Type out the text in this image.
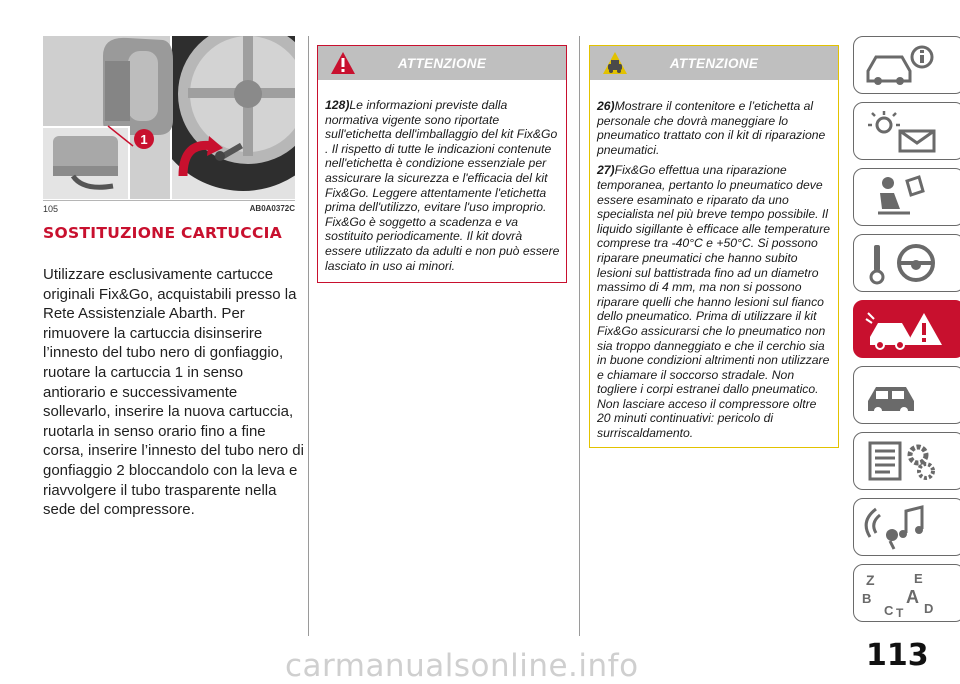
1
105	AB0A0372C
SOSTITUZIONE CARTUCCIA
Utilizzare esclusivamente cartucce originali Fix&Go, acquistabili presso la Rete Assistenziale Abarth. Per rimuovere la cartuccia disinserire l’innesto del tubo nero di gonfiaggio, ruotare la cartuccia 1 in senso antiorario e successivamente sollevarlo, inserire la nuova cartuccia, ruotarla in senso orario fino a fine corsa, inserire l’innesto del tubo nero di gonfiaggio 2 bloccandolo con la leva e riavvolgere il tubo trasparente nella sede del compressore.
ATTENZIONE

128)Le informazioni previste dalla normativa vigente sono riportate sull'etichetta dell'imballaggio del kit Fix&Go . Il rispetto di tutte le indicazioni contenute nell'etichetta è condizione essenziale per assicurare la sicurezza e l'efficacia del kit Fix&Go. Leggere attentamente l'etichetta prima dell'utilizzo, evitare l'uso improprio. Fix&Go è soggetto a scadenza e va sostituito periodicamente. Il kit dovrà essere utilizzato da adulti e non può essere lasciato in uso ai minori.

ATTENZIONE

26)Mostrare il contenitore e l’etichetta al personale che dovrà maneggiare lo pneumatico trattato con il kit di riparazione pneumatici.

27)Fix&Go effettua una riparazione temporanea, pertanto lo pneumatico deve essere esaminato e riparato da uno specialista nel più breve tempo possibile. Il liquido sigillante è efficace alle temperature comprese tra -40°C e +50°C. Si possono riparare pneumatici che hanno subito lesioni sul battistrada fino ad un diametro massimo di 4 mm, ma non si possono riparare quelli che hanno lesioni sul fianco dello pneumatico. Prima di utilizzare il kit Fix&Go assicurarsi che lo pneumatico non sia troppo danneggiato e che il cerchio sia in buone condizioni altrimenti non utilizzare e chiamare il soccorso stradale. Non togliere i corpi estranei dallo pneumatico. Non lasciare acceso il compressore oltre 20 minuti continuativi: pericolo di surriscaldamento.

Z	E
B A
C D
T
113
carmanualsonline.info
